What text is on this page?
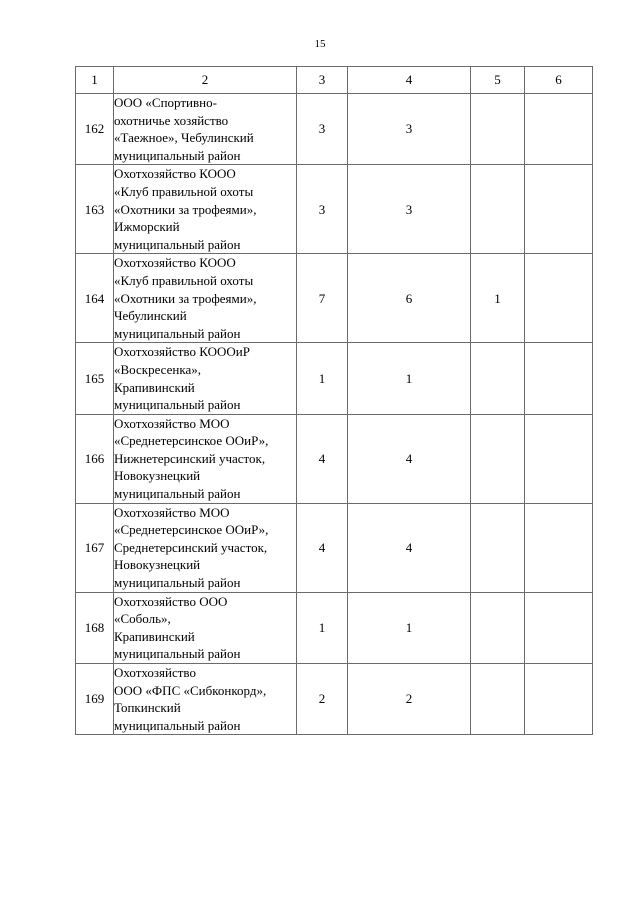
15
1	2	3	4	5	6
162	ООО «Спортивно-
охотничье хозяйство
«Таежное», Чебулинский
муниципальный район	3	3		
163	Охотхозяйство КООО
«Клуб правильной охоты
«Охотники за трофеями»,
Ижморский
муниципальный район	3	3		
164	Охотхозяйство КООО
«Клуб правильной охоты
«Охотники за трофеями»,
Чебулинский
муниципальный район	7	6	1	
165	Охотхозяйство КОООиР
«Воскресенка»,
Крапивинский
муниципальный район	1	1		
166	Охотхозяйство МОО
«Среднетерсинское ООиР»,
Нижнетерсинский участок,
Новокузнецкий
муниципальный район	4	4		
167	Охотхозяйство МОО
«Среднетерсинское ООиР»,
Среднетерсинский участок,
Новокузнецкий
муниципальный район	4	4		
168	Охотхозяйство ООО
«Соболь»,
Крапивинский
муниципальный район	1	1		
169	Охотхозяйство
ООО «ФПС «Сибконкорд»,
Топкинский
муниципальный район	2	2		
